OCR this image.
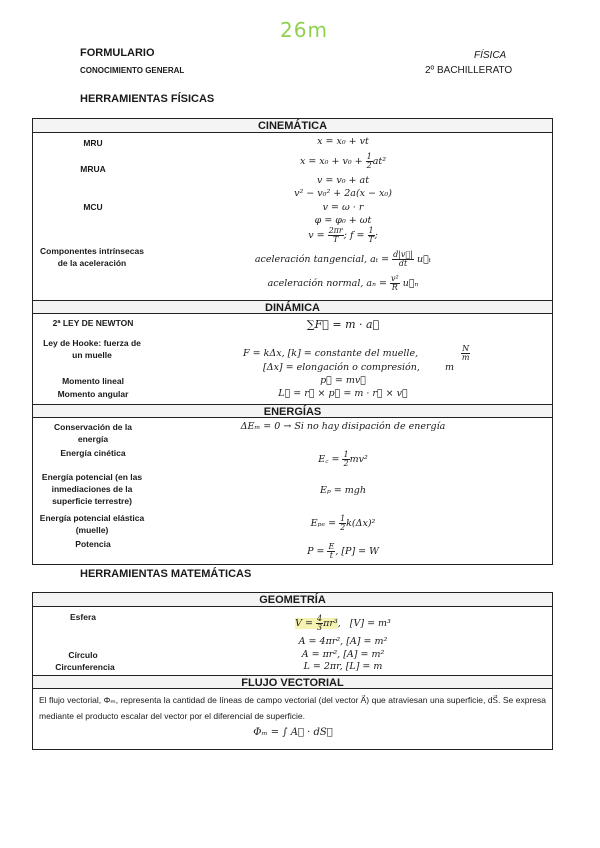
26m
FORMULARIO
CONOCIMIENTO GENERAL
FÍSICA
2º BACHILLERATO
HERRAMIENTAS FÍSICAS
CINEMÁTICA
MRU
MRUA
MCU
Componentes intrínsecas de la aceleración
x = x₀ + vt
$x = x_0 + v_0 + \frac{1}{2} at^2$
v = v₀ + at
v² − v₀² + 2a(x − x₀)
v = ω · r
φ = φ₀ + ωt
$v = \frac{2\pi r}{T}$ ; $f = \frac{1}{T}$ ;
aceleración tangencial, $a_t = \frac{d|v⃗|}{dt}$ u⃗ₜ
aceleración normal, $a_n = \frac{\text{v²}}{R}$ u⃗ₙ
DINÁMICA
2ª LEY DE NEWTON
Ley de Hooke: fuerza de un muelle
Momento lineal
Momento angular
∑F⃗ = m · a⃗
F = kΔx, [k] = constante del muelle,	$\frac{N}{m}$
[Δx] = elongación o compresión,	m
p⃗ = mv⃗
L⃗ = r⃗ × p⃗ = m · r⃗ × v⃗
ENERGÍAS
Conservación de la energía
Energía cinética
Energía potencial (en las inmediaciones de la superficie terrestre)
Energía potencial elástica (muelle)
Potencia
ΔEₘ = 0 → Si no hay disipación de energía
E꜀ = $\frac{1}{2} mv^2$
Eₚ = mgh
$E_{pe} = \frac{1}{2} k(\Delta x)^2$
$P = \frac{E}{t}$ , [P] = W
HERRAMIENTAS MATEMÁTICAS
GEOMETRÍA
Esfera
Círculo
Circunferencia
$V = \frac{4}{3} \pi r^3$,   [V] = m³
A = 4πr², [A] = m²
A = πr², [A] = m²
L = 2πr, [L] = m
FLUJO VECTORIAL
El flujo vectorial, Φₘ, representa la cantidad de líneas de campo vectorial (del vector A⃗) que atraviesan una superficie, dS⃗. Se expresa mediante el producto escalar del vector por el diferencial de superficie.
Φₘ = ∫ A⃗ · dS⃗
